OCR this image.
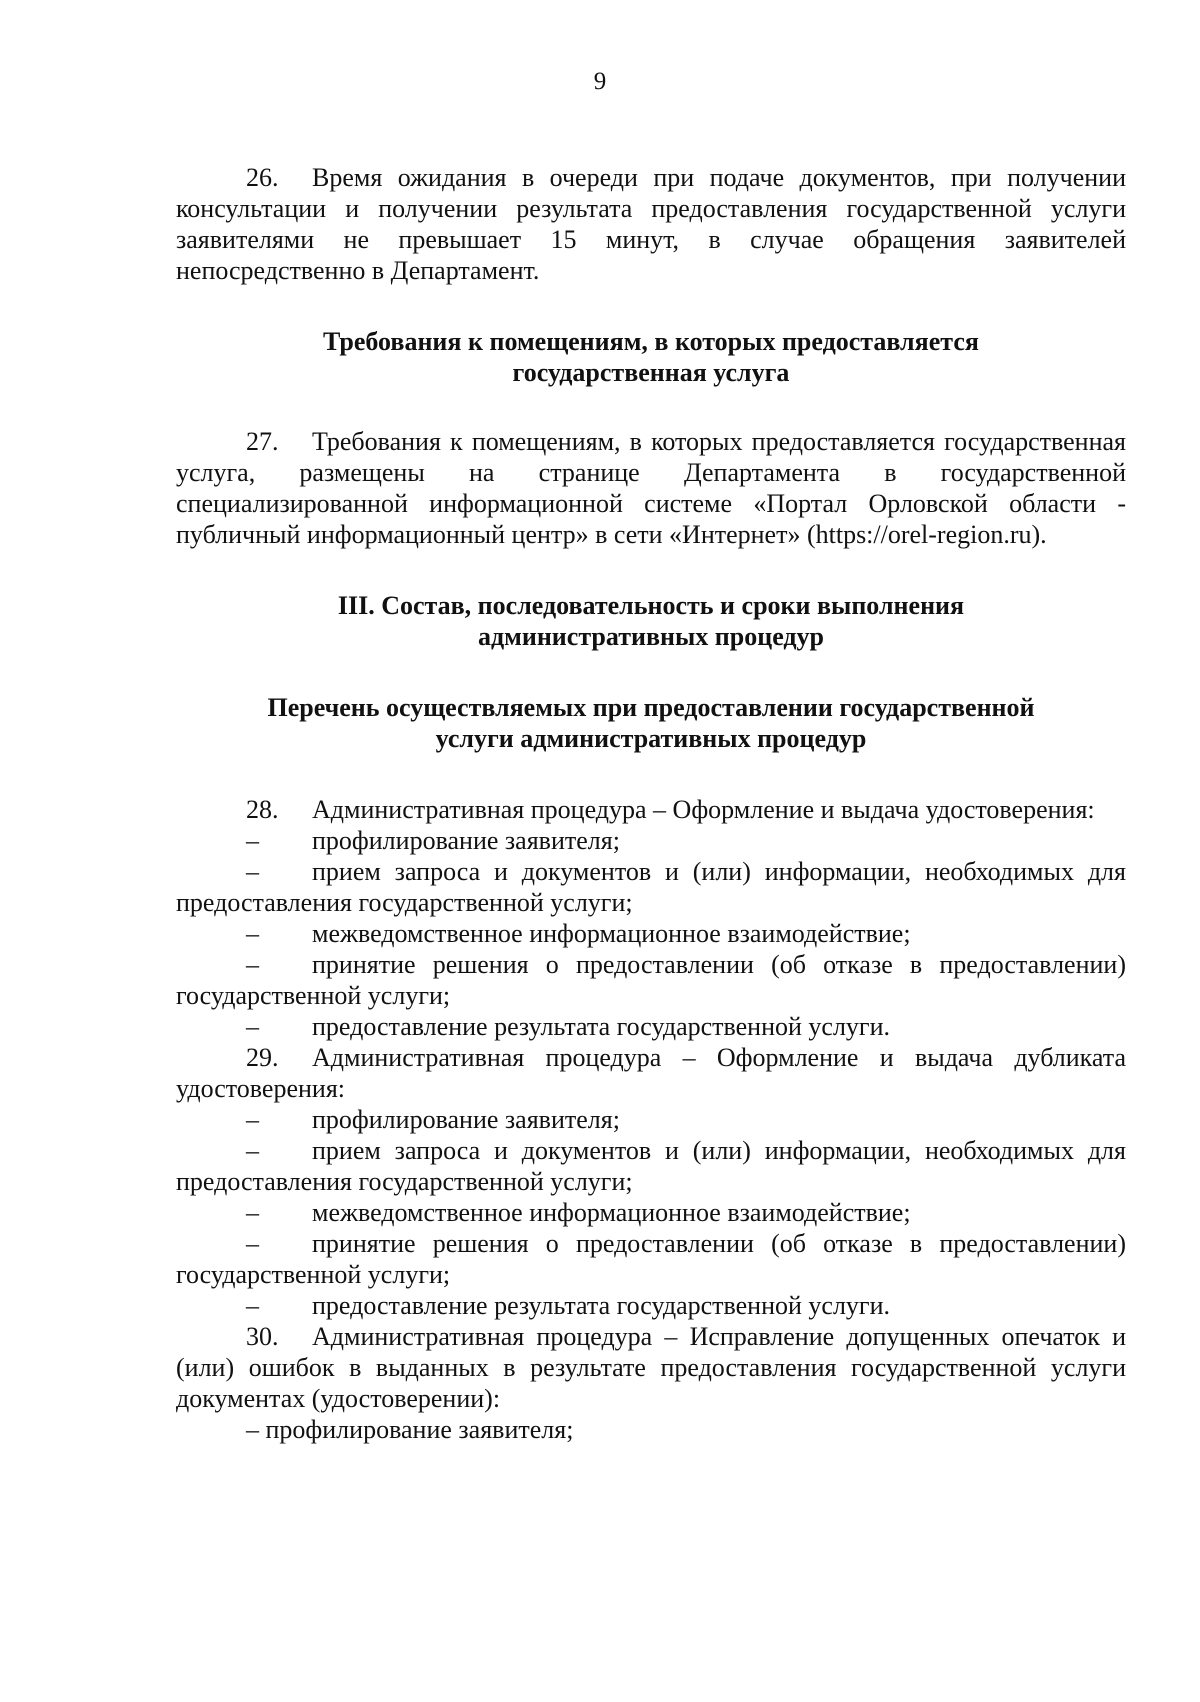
9

26. Время ожидания в очереди при подаче документов, при получении консультации и получении результата предоставления государственной услуги заявителями не превышает 15 минут, в случае обращения заявителей непосредственно в Департамент.

Требования к помещениям, в которых предоставляется
государственная услуга

27. Требования к помещениям, в которых предоставляется государственная услуга, размещены на странице Департамента в государственной специализированной информационной системе «Портал Орловской области - публичный информационный центр» в сети «Интернет» (https://orel-region.ru).

III. Состав, последовательность и сроки выполнения
административных процедур

Перечень осуществляемых при предоставлении государственной
услуги административных процедур

28. Административная процедура – Оформление и выдача удостоверения:

– профилирование заявителя;

– прием запроса и документов и (или) информации, необходимых для предоставления государственной услуги;

– межведомственное информационное взаимодействие;

– принятие решения о предоставлении (об отказе в предоставлении) государственной услуги;

– предоставление результата государственной услуги.

29. Административная процедура – Оформление и выдача дубликата удостоверения:

– профилирование заявителя;

– прием запроса и документов и (или) информации, необходимых для предоставления государственной услуги;

– межведомственное информационное взаимодействие;

– принятие решения о предоставлении (об отказе в предоставлении) государственной услуги;

– предоставление результата государственной услуги.

30. Административная процедура – Исправление допущенных опечаток и (или) ошибок в выданных в результате предоставления государственной услуги документах (удостоверении):

– профилирование заявителя;
